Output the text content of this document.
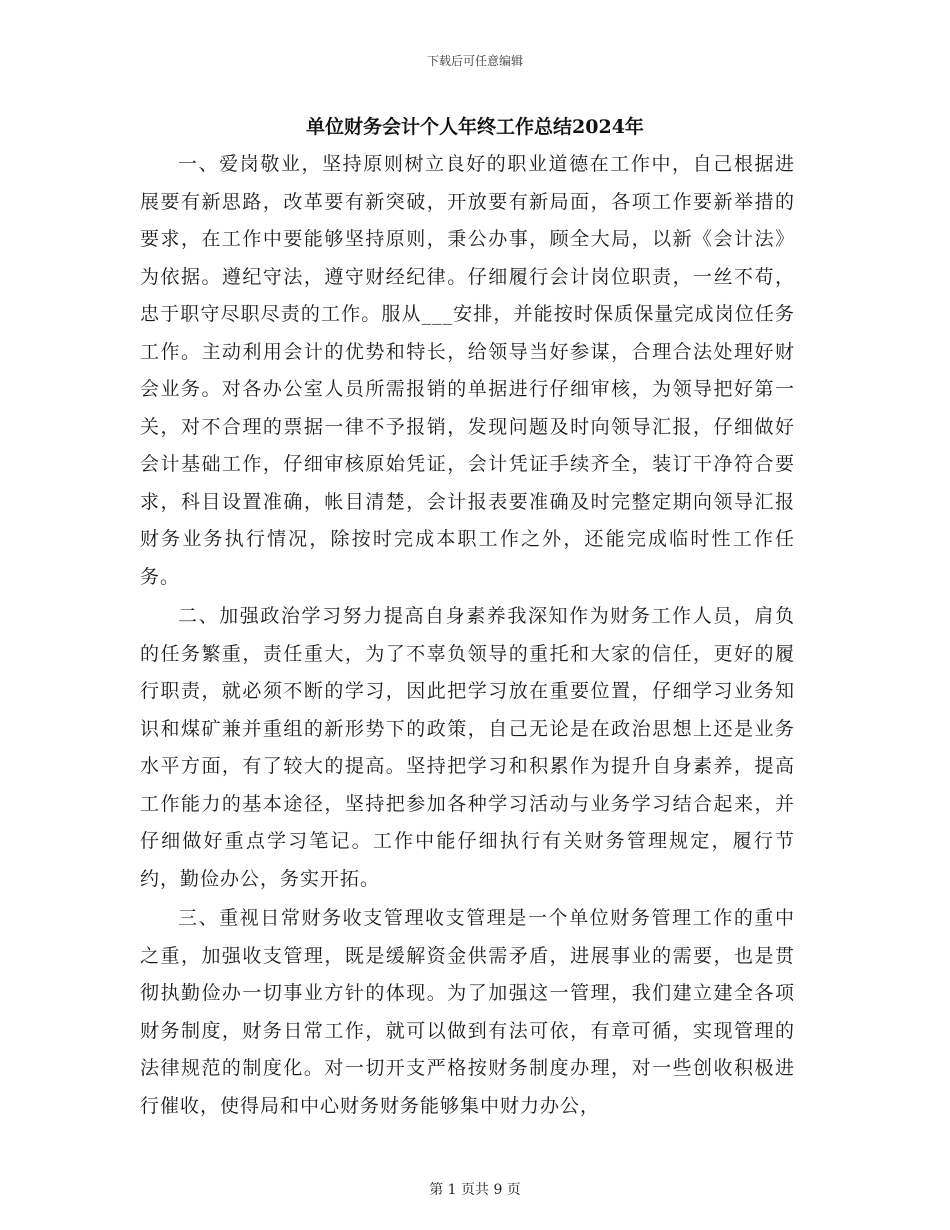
下载后可任意编辑
单位财务会计个人年终工作总结2024年

一、爱岗敬业，坚持原则树立良好的职业道德在工作中，自己根据进展要有新思路，改革要有新突破，开放要有新局面，各项工作要新举措的要求，在工作中要能够坚持原则，秉公办事，顾全大局，以新《会计法》为依据。遵纪守法，遵守财经纪律。仔细履行会计岗位职责，一丝不苟，忠于职守尽职尽责的工作。服从___安排，并能按时保质保量完成岗位任务工作。主动利用会计的优势和特长，给领导当好参谋，合理合法处理好财会业务。对各办公室人员所需报销的单据进行仔细审核，为领导把好第一关，对不合理的票据一律不予报销，发现问题及时向领导汇报，仔细做好会计基础工作，仔细审核原始凭证，会计凭证手续齐全，装订干净符合要求，科目设置准确，帐目清楚，会计报表要准确及时完整定期向领导汇报财务业务执行情况，除按时完成本职工作之外，还能完成临时性工作任务。

二、加强政治学习努力提高自身素养我深知作为财务工作人员，肩负的任务繁重，责任重大，为了不辜负领导的重托和大家的信任，更好的履行职责，就必须不断的学习，因此把学习放在重要位置，仔细学习业务知识和煤矿兼并重组的新形势下的政策，自己无论是在政治思想上还是业务水平方面，有了较大的提高。坚持把学习和积累作为提升自身素养，提高工作能力的基本途径，坚持把参加各种学习活动与业务学习结合起来，并仔细做好重点学习笔记。工作中能仔细执行有关财务管理规定，履行节约，勤俭办公，务实开拓。

三、重视日常财务收支管理收支管理是一个单位财务管理工作的重中之重，加强收支管理，既是缓解资金供需矛盾，进展事业的需要，也是贯彻执勤俭办一切事业方针的体现。为了加强这一管理，我们建立建全各项财务制度，财务日常工作，就可以做到有法可依，有章可循，实现管理的法律规范的制度化。对一切开支严格按财务制度办理，对一些创收积极进行催收，使得局和中心财务财务能够集中财力办公，

第 1 页共 9 页
